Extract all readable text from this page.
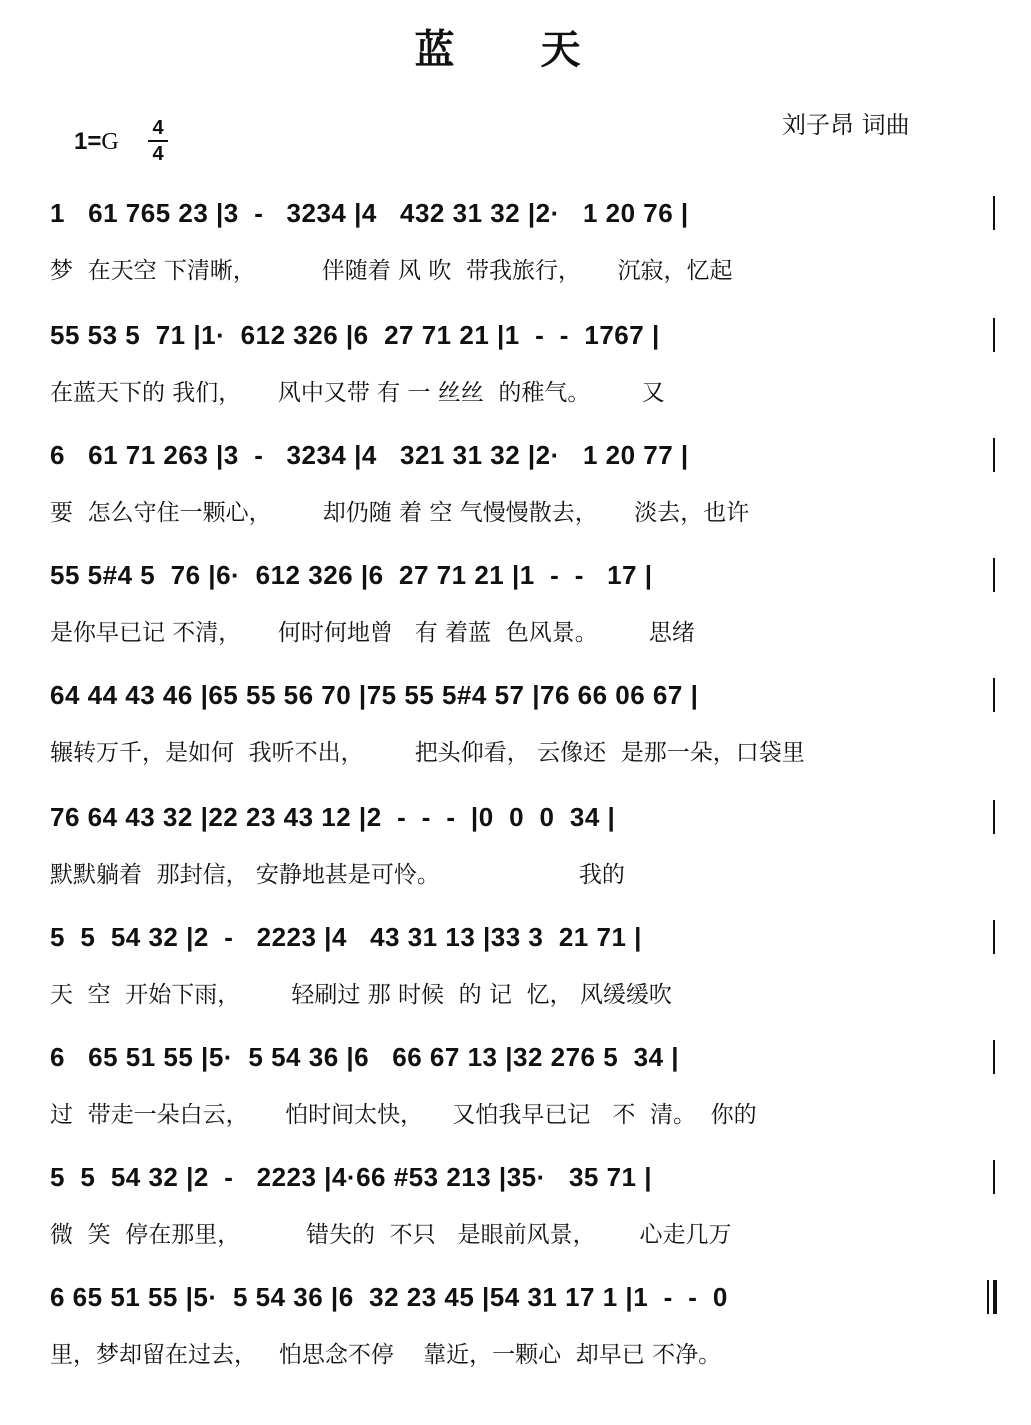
蓝 天
刘子昂 词曲
$1=G \frac{4}{4}$
1   61 765 23 |3  -   3234 |4   432 31 32 |2·   1 20 76 |
梦  在天空 下清晰，         伴随着 风 吹  带我旅行，     沉寂，忆起
55 53 5  71 |1·  612 326 |6  27 71 21 |1  -  -  1767 |
在蓝天下的 我们，     风中又带 有 一 丝丝  的稚气。       又
6   61 71 263 |3  -   3234 |4   321 31 32 |2·   1 20 77 |
要  怎么守住一颗心，       却仍随 着 空 气慢慢散去，     淡去，也许
55 5#4 5  76 |6·  612 326 |6  27 71 21 |1  -  -   17 |
是你早已记 不清，     何时何地曾   有 着蓝  色风景。       思绪
64 44 43 46 |65 55 56 70 |75 55 5#4 57 |76 66 06 67 |
辗转万千，是如何  我听不出，       把头仰看， 云像还  是那一朵，口袋里
76 64 43 32 |22 23 43 12 |2  -  -  -  |0  0  0  34 |
默默躺着  那封信， 安静地甚是可怜。                   我的
5  5  54 32 |2  -   2223 |4   43 31 13 |33 3  21 71 |
天  空  开始下雨，       轻刷过 那 时候  的 记  忆， 风缓缓吹
6   65 51 55 |5·  5 54 36 |6   66 67 13 |32 276 5  34 |
过  带走一朵白云，     怕时间太快，    又怕我早已记   不  清。  你的
5  5  54 32 |2  -   2223 |4·66 #53 213 |35·   35 71 |
微  笑  停在那里，         错失的  不只   是眼前风景，      心走几万
6 65 51 55 |5·  5 54 36 |6  32 23 45 |54 31 17 1 |1  -  -  0
里，梦却留在过去，   怕思念不停    靠近，一颗心  却早已 不净。
